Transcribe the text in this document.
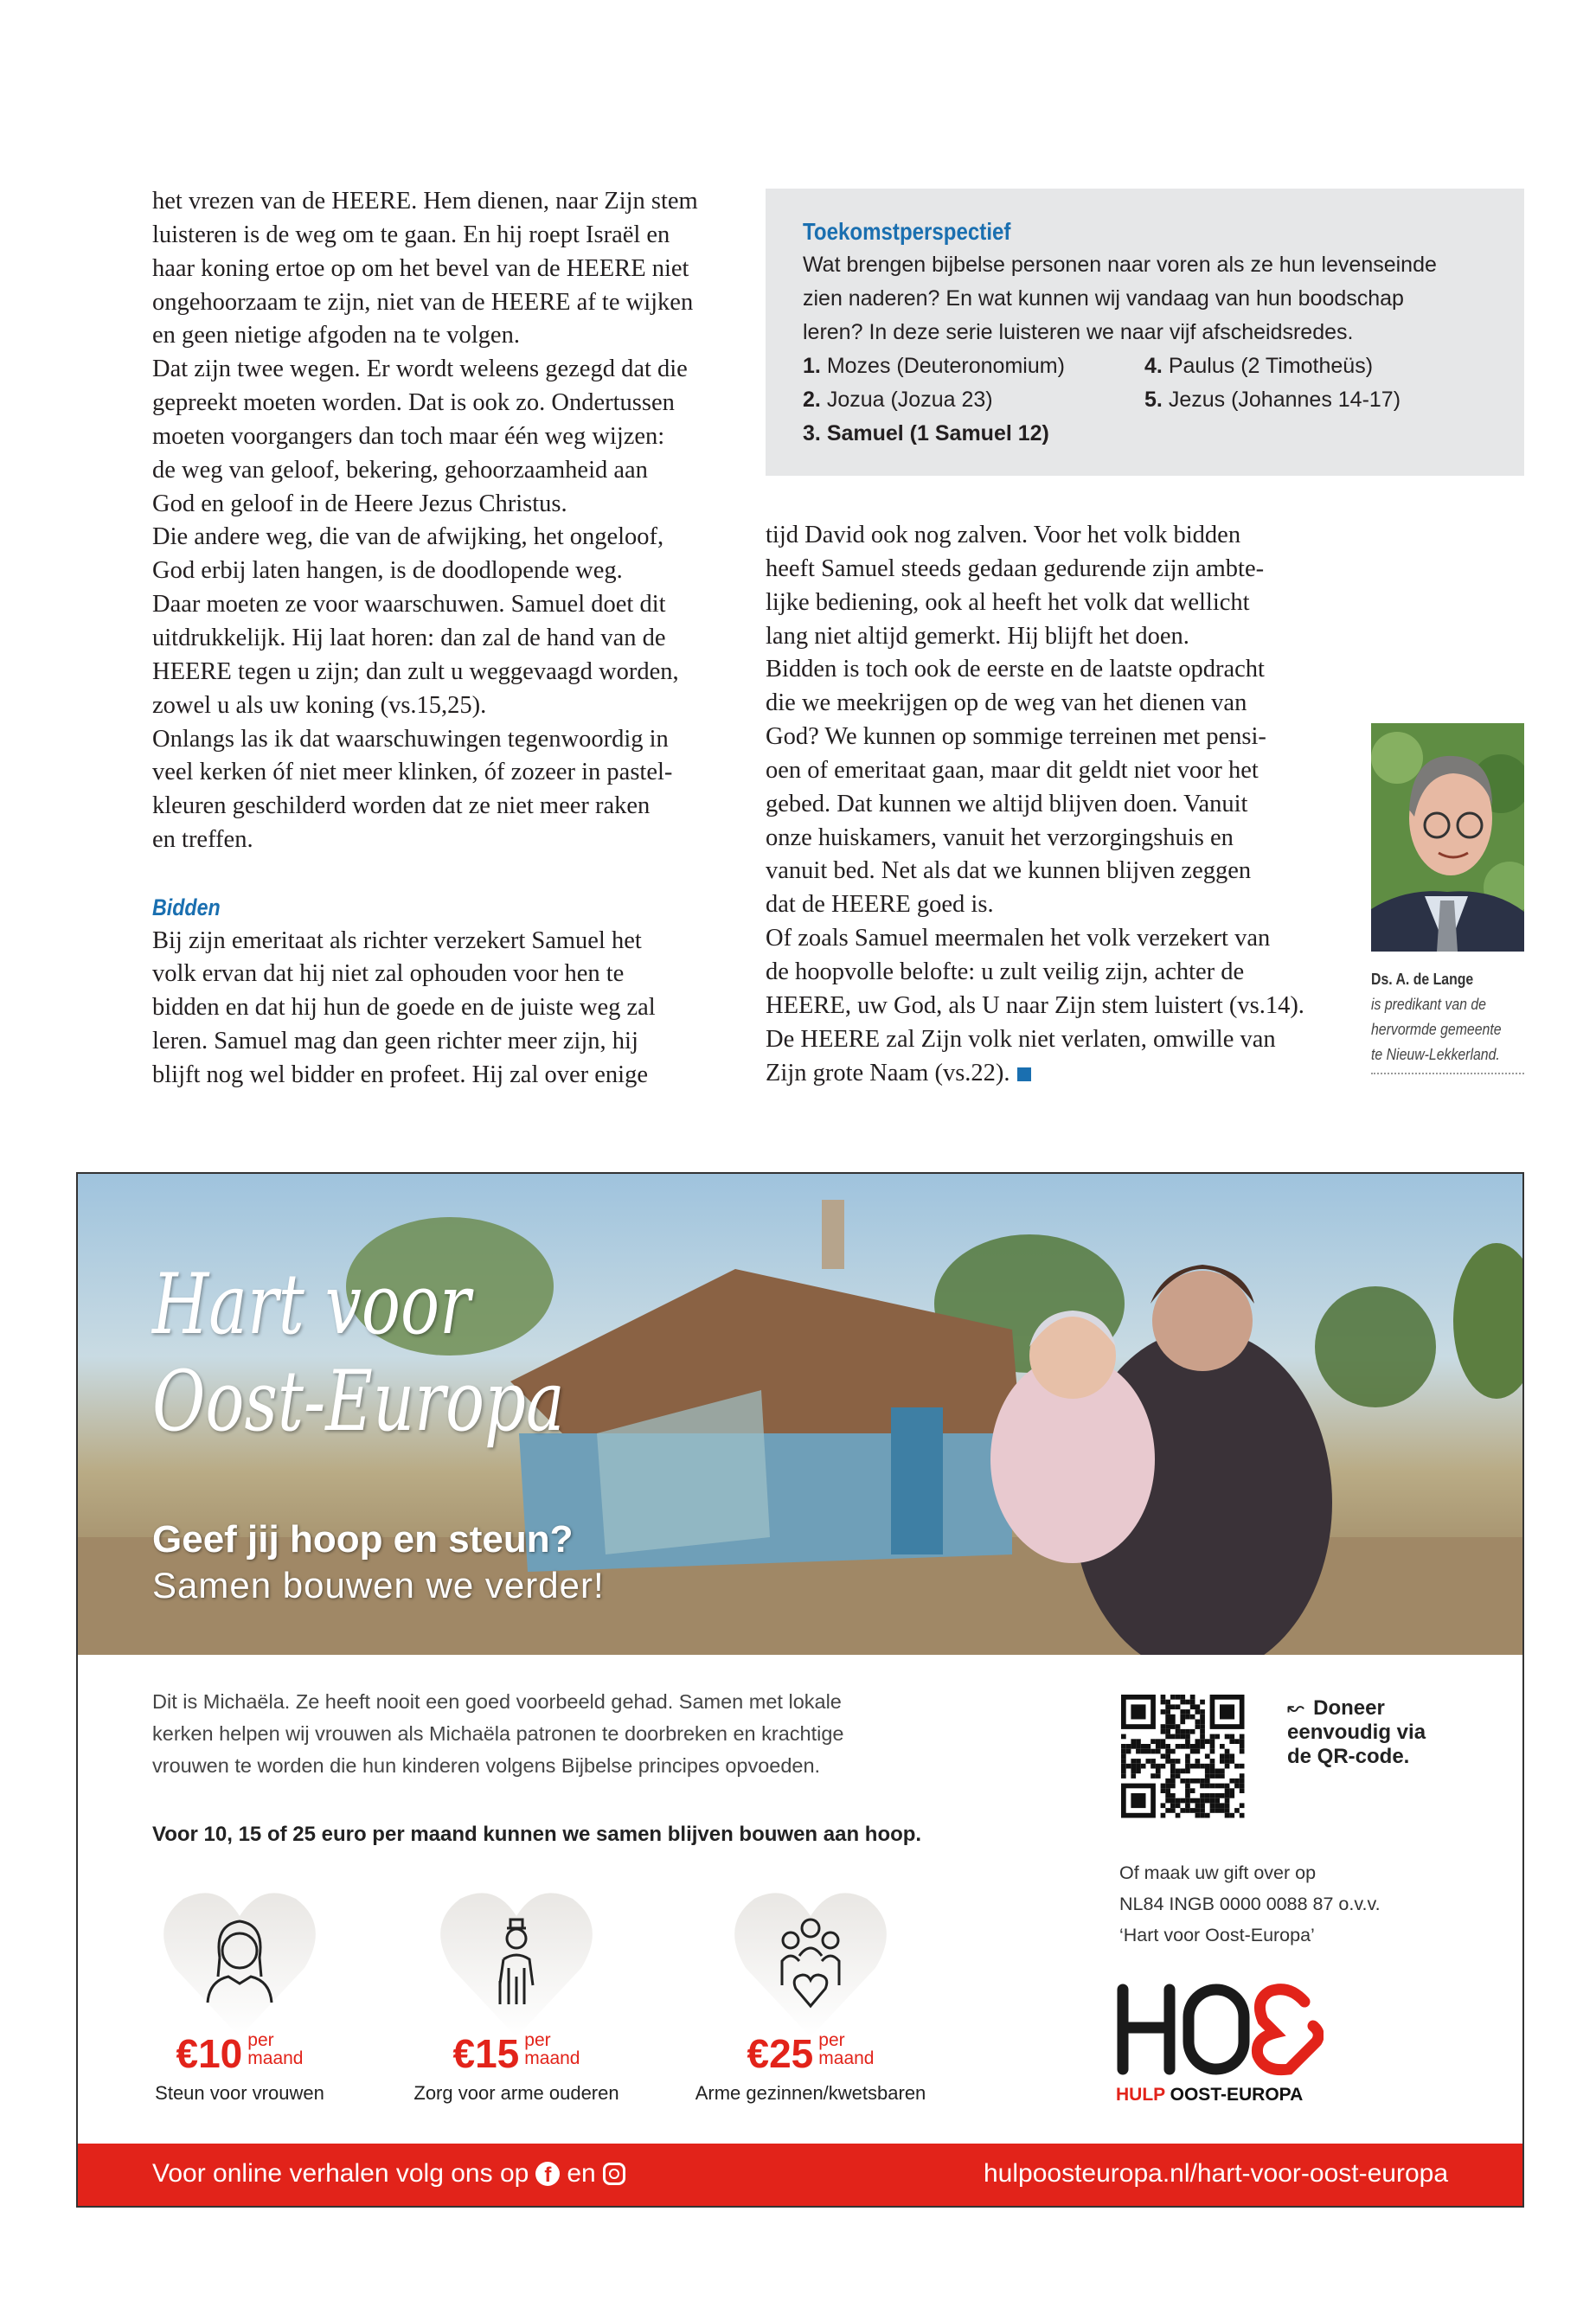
het vrezen van de HEERE. Hem dienen, naar Zijn stem
luisteren is de weg om te gaan. En hij roept Israël en
haar koning ertoe op om het bevel van de HEERE niet
ongehoorzaam te zijn, niet van de HEERE af te wijken
en geen nietige afgoden na te volgen.
Dat zijn twee wegen. Er wordt weleens gezegd dat die
gepreekt moeten worden. Dat is ook zo. Ondertussen
moeten voorgangers dan toch maar één weg wijzen:
de weg van geloof, bekering, gehoorzaamheid aan
God en geloof in de Heere Jezus Christus.
Die andere weg, die van de afwijking, het ongeloof,
God erbij laten hangen, is de doodlopende weg.
Daar moeten ze voor waarschuwen. Samuel doet dit
uitdrukkelijk. Hij laat horen: dan zal de hand van de
HEERE tegen u zijn; dan zult u weggevaagd worden,
zowel u als uw koning (vs.15,25).
Onlangs las ik dat waarschuwingen tegenwoordig in
veel kerken óf niet meer klinken, óf zozeer in pastel-
kleuren geschilderd worden dat ze niet meer raken
en treffen.
Bidden
Bij zijn emeritaat als richter verzekert Samuel het
volk ervan dat hij niet zal ophouden voor hen te
bidden en dat hij hun de goede en de juiste weg zal
leren. Samuel mag dan geen richter meer zijn, hij
blijft nog wel bidder en profeet. Hij zal over enige
tijd David ook nog zalven. Voor het volk bidden
heeft Samuel steeds gedaan gedurende zijn ambte-
lijke bediening, ook al heeft het volk dat wellicht
lang niet altijd gemerkt. Hij blijft het doen.
Bidden is toch ook de eerste en de laatste opdracht
die we meekrijgen op de weg van het dienen van
God? We kunnen op sommige terreinen met pensi-
oen of emeritaat gaan, maar dit geldt niet voor het
gebed. Dat kunnen we altijd blijven doen. Vanuit
onze huiskamers, vanuit het verzorgingshuis en
vanuit bed. Net als dat we kunnen blijven zeggen
dat de HEERE goed is.
Of zoals Samuel meermalen het volk verzekert van
de hoopvolle belofte: u zult veilig zijn, achter de
HEERE, uw God, als U naar Zijn stem luistert (vs.14).
De HEERE zal Zijn volk niet verlaten, omwille van
Zijn grote Naam (vs.22).
Toekomstperspectief
Wat brengen bijbelse personen naar voren als ze hun levenseinde
zien naderen? En wat kunnen wij vandaag van hun boodschap
leren? In deze serie luisteren we naar vijf afscheidsredes.
1. Mozes (Deuteronomium)	4. Paulus (2 Timotheüs)
2. Jozua (Jozua 23)	5. Jezus (Johannes 14-17)
3. Samuel (1 Samuel 12)
Ds. A. de Lange
is predikant van de
hervormde gemeente
te Nieuw-Lekkerland.
Hart voor
Oost-Europa
Geef jij hoop en steun?
Samen bouwen we verder!
Dit is Michaëla. Ze heeft nooit een goed voorbeeld gehad. Samen met lokale
kerken helpen wij vrouwen als Michaëla patronen te doorbreken en krachtige
vrouwen te worden die hun kinderen volgens Bijbelse principes opvoeden.
Voor 10, 15 of 25 euro per maand kunnen we samen blijven bouwen aan hoop.
€10 per
maand
Steun voor vrouwen
€15 per
maand
Zorg voor arme ouderen
€25 per
maand
Arme gezinnen/kwetsbaren
↜ Doneer
eenvoudig via
de QR-code.
Of maak uw gift over op
NL84 INGB 0000 0088 87 o.v.v.
‘Hart voor Oost-Europa’
HULP OOST-EUROPA
Voor online verhalen volg ons op f en	hulpoosteuropa.nl/hart-voor-oost-europa
